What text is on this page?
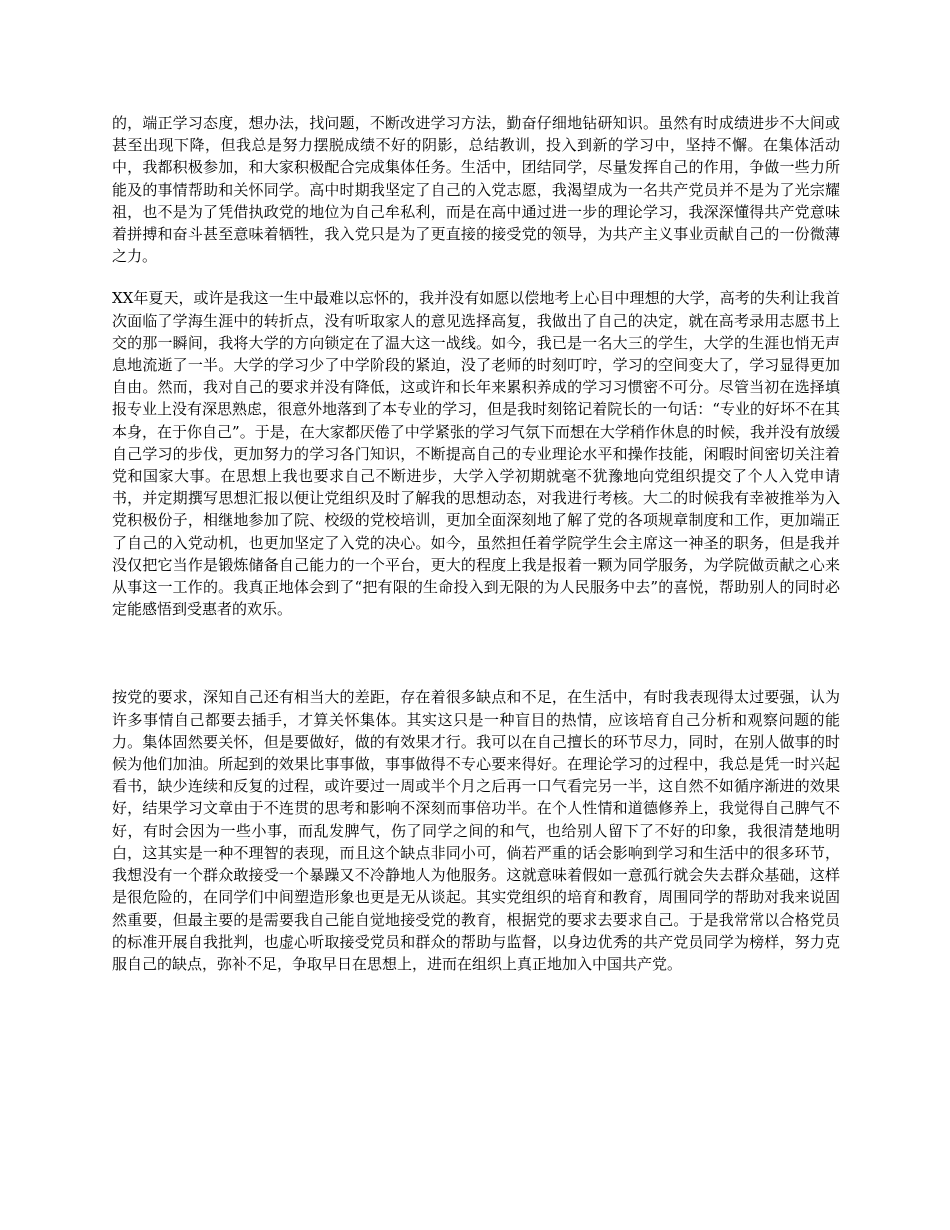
的，端正学习态度，想办法，找问题，不断改进学习方法，勤奋仔细地钻研知识。虽然有时成绩进步不大间或甚至出现下降，但我总是努力摆脱成绩不好的阴影，总结教训，投入到新的学习中，坚持不懈。在集体活动中，我都积极参加，和大家积极配合完成集体任务。生活中，团结同学，尽量发挥自己的作用，争做一些力所能及的事情帮助和关怀同学。高中时期我坚定了自己的入党志愿，我渴望成为一名共产党员并不是为了光宗耀祖，也不是为了凭借执政党的地位为自己牟私利，而是在高中通过进一步的理论学习，我深深懂得共产党意味着拼搏和奋斗甚至意味着牺牲，我入党只是为了更直接的接受党的领导，为共产主义事业贡献自己的一份微薄之力。

XX年夏天，或许是我这一生中最难以忘怀的，我并没有如愿以偿地考上心目中理想的大学，高考的失利让我首次面临了学海生涯中的转折点，没有听取家人的意见选择高复，我做出了自己的决定，就在高考录用志愿书上交的那一瞬间，我将大学的方向锁定在了温大这一战线。如今，我已是一名大三的学生，大学的生涯也悄无声息地流逝了一半。大学的学习少了中学阶段的紧迫，没了老师的时刻叮咛，学习的空间变大了，学习显得更加自由。然而，我对自己的要求并没有降低，这或许和长年来累积养成的学习习惯密不可分。尽管当初在选择填报专业上没有深思熟虑，很意外地落到了本专业的学习，但是我时刻铭记着院长的一句话：“专业的好坏不在其本身，在于你自己”。于是，在大家都厌倦了中学紧张的学习气氛下而想在大学稍作休息的时候，我并没有放缓自己学习的步伐，更加努力的学习各门知识，不断提高自己的专业理论水平和操作技能，闲暇时间密切关注着党和国家大事。在思想上我也要求自己不断进步，大学入学初期就毫不犹豫地向党组织提交了个人入党申请书，并定期撰写思想汇报以便让党组织及时了解我的思想动态，对我进行考核。大二的时候我有幸被推举为入党积极份子，相继地参加了院、校级的党校培训，更加全面深刻地了解了党的各项规章制度和工作，更加端正了自己的入党动机，也更加坚定了入党的决心。如今，虽然担任着学院学生会主席这一神圣的职务，但是我并没仅把它当作是锻炼储备自己能力的一个平台，更大的程度上我是报着一颗为同学服务，为学院做贡献之心来从事这一工作的。我真正地体会到了“把有限的生命投入到无限的为人民服务中去”的喜悦，帮助别人的同时必定能感悟到受惠者的欢乐。

按党的要求，深知自己还有相当大的差距，存在着很多缺点和不足，在生活中，有时我表现得太过要强，认为许多事情自己都要去插手，才算关怀集体。其实这只是一种盲目的热情，应该培育自己分析和观察问题的能力。集体固然要关怀，但是要做好，做的有效果才行。我可以在自己擅长的环节尽力，同时，在别人做事的时候为他们加油。所起到的效果比事事做，事事做得不专心要来得好。在理论学习的过程中，我总是凭一时兴起看书，缺少连续和反复的过程，或许要过一周或半个月之后再一口气看完另一半，这自然不如循序渐进的效果好，结果学习文章由于不连贯的思考和影响不深刻而事倍功半。在个人性情和道德修养上，我觉得自己脾气不好，有时会因为一些小事，而乱发脾气，伤了同学之间的和气，也给别人留下了不好的印象，我很清楚地明白，这其实是一种不理智的表现，而且这个缺点非同小可，倘若严重的话会影响到学习和生活中的很多环节，我想没有一个群众敢接受一个暴躁又不冷静地人为他服务。这就意味着假如一意孤行就会失去群众基础，这样是很危险的，在同学们中间塑造形象也更是无从谈起。其实党组织的培育和教育，周围同学的帮助对我来说固然重要，但最主要的是需要我自己能自觉地接受党的教育，根据党的要求去要求自己。于是我常常以合格党员的标准开展自我批判，也虚心听取接受党员和群众的帮助与监督，以身边优秀的共产党员同学为榜样，努力克服自己的缺点，弥补不足，争取早日在思想上，进而在组织上真正地加入中国共产党。
